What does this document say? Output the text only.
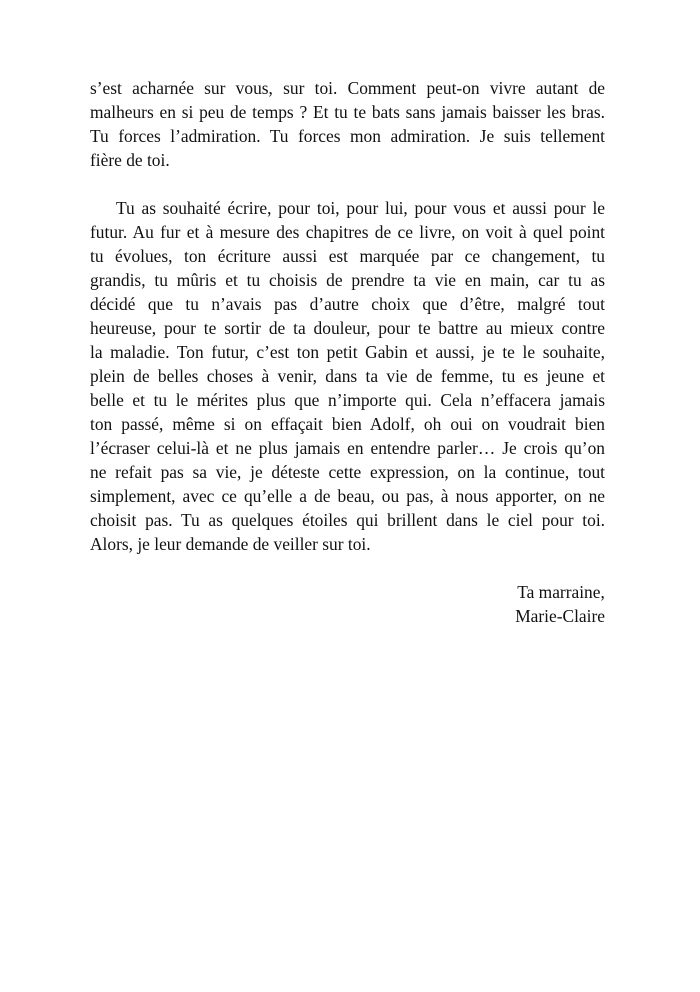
s’est acharnée sur vous, sur toi. Comment peut-on vivre autant de
malheurs en si peu de temps ? Et tu te bats sans jamais baisser les bras.
Tu forces l’admiration. Tu forces mon admiration. Je suis tellement
fière de toi.
Tu as souhaité écrire, pour toi, pour lui, pour vous et aussi pour le
futur. Au fur et à mesure des chapitres de ce livre, on voit à quel point
tu évolues, ton écriture aussi est marquée par ce changement, tu
grandis, tu mûris et tu choisis de prendre ta vie en main, car tu as
décidé que tu n’avais pas d’autre choix que d’être, malgré tout
heureuse, pour te sortir de ta douleur, pour te battre au mieux contre
la maladie. Ton futur, c’est ton petit Gabin et aussi, je te le souhaite,
plein de belles choses à venir, dans ta vie de femme, tu es jeune et
belle et tu le mérites plus que n’importe qui. Cela n’effacera jamais
ton passé, même si on effaçait bien Adolf, oh oui on voudrait bien
l’écraser celui-là et ne plus jamais en entendre parler… Je crois qu’on
ne refait pas sa vie, je déteste cette expression, on la continue, tout
simplement, avec ce qu’elle a de beau, ou pas, à nous apporter, on ne
choisit pas. Tu as quelques étoiles qui brillent dans le ciel pour toi.
Alors, je leur demande de veiller sur toi.
Ta marraine,
Marie-Claire
